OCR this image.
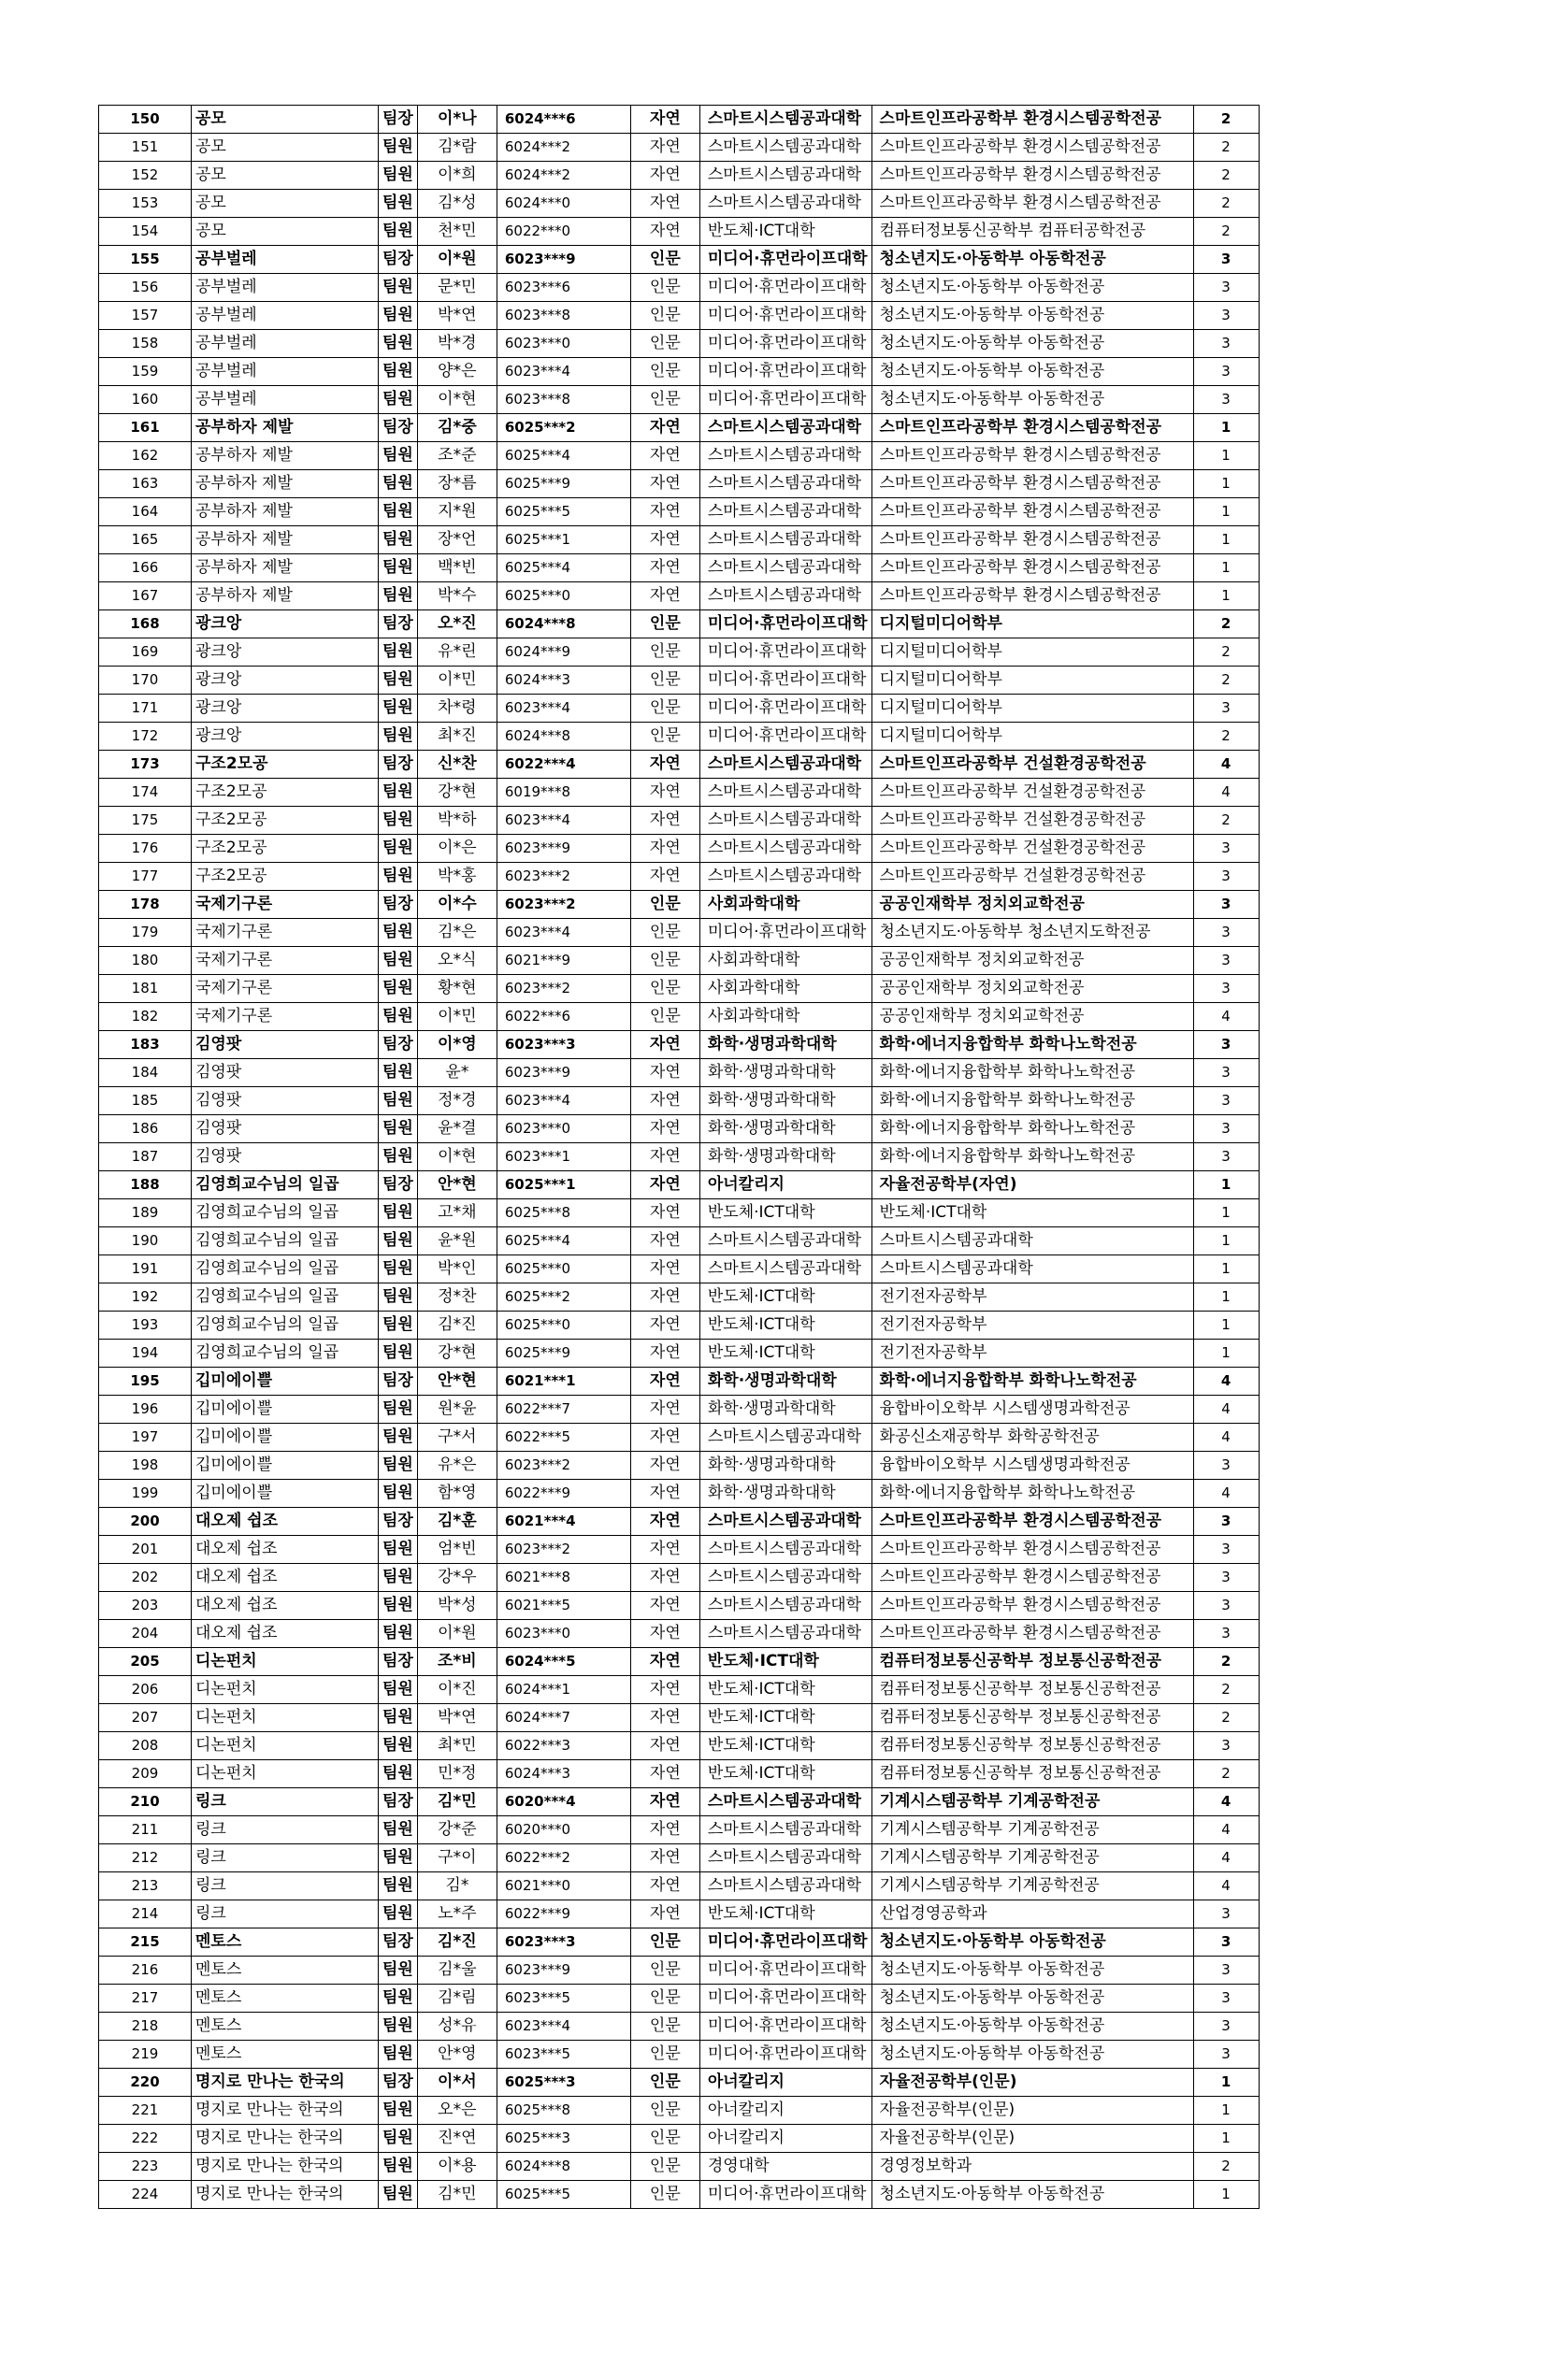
150	공모	팀장	이*나	6024***6	자연	스마트시스템공과대학	스마트인프라공학부 환경시스템공학전공	2
151	공모	팀원	김*람	6024***2	자연	스마트시스템공과대학	스마트인프라공학부 환경시스템공학전공	2
152	공모	팀원	이*희	6024***2	자연	스마트시스템공과대학	스마트인프라공학부 환경시스템공학전공	2
153	공모	팀원	김*성	6024***0	자연	스마트시스템공과대학	스마트인프라공학부 환경시스템공학전공	2
154	공모	팀원	천*민	6022***0	자연	반도체·ICT대학	컴퓨터정보통신공학부 컴퓨터공학전공	2
155	공부벌레	팀장	이*원	6023***9	인문	미디어·휴먼라이프대학	청소년지도·아동학부 아동학전공	3
156	공부벌레	팀원	문*민	6023***6	인문	미디어·휴먼라이프대학	청소년지도·아동학부 아동학전공	3
157	공부벌레	팀원	박*연	6023***8	인문	미디어·휴먼라이프대학	청소년지도·아동학부 아동학전공	3
158	공부벌레	팀원	박*경	6023***0	인문	미디어·휴먼라이프대학	청소년지도·아동학부 아동학전공	3
159	공부벌레	팀원	양*은	6023***4	인문	미디어·휴먼라이프대학	청소년지도·아동학부 아동학전공	3
160	공부벌레	팀원	이*현	6023***8	인문	미디어·휴먼라이프대학	청소년지도·아동학부 아동학전공	3
161	공부하자 제발	팀장	김*중	6025***2	자연	스마트시스템공과대학	스마트인프라공학부 환경시스템공학전공	1
162	공부하자 제발	팀원	조*준	6025***4	자연	스마트시스템공과대학	스마트인프라공학부 환경시스템공학전공	1
163	공부하자 제발	팀원	장*름	6025***9	자연	스마트시스템공과대학	스마트인프라공학부 환경시스템공학전공	1
164	공부하자 제발	팀원	지*원	6025***5	자연	스마트시스템공과대학	스마트인프라공학부 환경시스템공학전공	1
165	공부하자 제발	팀원	장*언	6025***1	자연	스마트시스템공과대학	스마트인프라공학부 환경시스템공학전공	1
166	공부하자 제발	팀원	백*빈	6025***4	자연	스마트시스템공과대학	스마트인프라공학부 환경시스템공학전공	1
167	공부하자 제발	팀원	박*수	6025***0	자연	스마트시스템공과대학	스마트인프라공학부 환경시스템공학전공	1
168	광크앙	팀장	오*진	6024***8	인문	미디어·휴먼라이프대학	디지털미디어학부	2
169	광크앙	팀원	유*린	6024***9	인문	미디어·휴먼라이프대학	디지털미디어학부	2
170	광크앙	팀원	이*민	6024***3	인문	미디어·휴먼라이프대학	디지털미디어학부	2
171	광크앙	팀원	차*령	6023***4	인문	미디어·휴먼라이프대학	디지털미디어학부	3
172	광크앙	팀원	최*진	6024***8	인문	미디어·휴먼라이프대학	디지털미디어학부	2
173	구조2모공	팀장	신*찬	6022***4	자연	스마트시스템공과대학	스마트인프라공학부 건설환경공학전공	4
174	구조2모공	팀원	강*현	6019***8	자연	스마트시스템공과대학	스마트인프라공학부 건설환경공학전공	4
175	구조2모공	팀원	박*하	6023***4	자연	스마트시스템공과대학	스마트인프라공학부 건설환경공학전공	2
176	구조2모공	팀원	이*은	6023***9	자연	스마트시스템공과대학	스마트인프라공학부 건설환경공학전공	3
177	구조2모공	팀원	박*홍	6023***2	자연	스마트시스템공과대학	스마트인프라공학부 건설환경공학전공	3
178	국제기구론	팀장	이*수	6023***2	인문	사회과학대학	공공인재학부 정치외교학전공	3
179	국제기구론	팀원	김*은	6023***4	인문	미디어·휴먼라이프대학	청소년지도·아동학부 청소년지도학전공	3
180	국제기구론	팀원	오*식	6021***9	인문	사회과학대학	공공인재학부 정치외교학전공	3
181	국제기구론	팀원	황*현	6023***2	인문	사회과학대학	공공인재학부 정치외교학전공	3
182	국제기구론	팀원	이*민	6022***6	인문	사회과학대학	공공인재학부 정치외교학전공	4
183	김영팟	팀장	이*영	6023***3	자연	화학·생명과학대학	화학·에너지융합학부 화학나노학전공	3
184	김영팟	팀원	윤*	6023***9	자연	화학·생명과학대학	화학·에너지융합학부 화학나노학전공	3
185	김영팟	팀원	정*경	6023***4	자연	화학·생명과학대학	화학·에너지융합학부 화학나노학전공	3
186	김영팟	팀원	윤*결	6023***0	자연	화학·생명과학대학	화학·에너지융합학부 화학나노학전공	3
187	김영팟	팀원	이*현	6023***1	자연	화학·생명과학대학	화학·에너지융합학부 화학나노학전공	3
188	김영희교수님의 일곱	팀장	안*현	6025***1	자연	아너칼리지	자율전공학부(자연)	1
189	김영희교수님의 일곱	팀원	고*채	6025***8	자연	반도체·ICT대학	반도체·ICT대학	1
190	김영희교수님의 일곱	팀원	윤*원	6025***4	자연	스마트시스템공과대학	스마트시스템공과대학	1
191	김영희교수님의 일곱	팀원	박*인	6025***0	자연	스마트시스템공과대학	스마트시스템공과대학	1
192	김영희교수님의 일곱	팀원	정*찬	6025***2	자연	반도체·ICT대학	전기전자공학부	1
193	김영희교수님의 일곱	팀원	김*진	6025***0	자연	반도체·ICT대학	전기전자공학부	1
194	김영희교수님의 일곱	팀원	강*현	6025***9	자연	반도체·ICT대학	전기전자공학부	1
195	깁미에이쁠	팀장	안*현	6021***1	자연	화학·생명과학대학	화학·에너지융합학부 화학나노학전공	4
196	깁미에이쁠	팀원	원*윤	6022***7	자연	화학·생명과학대학	융합바이오학부 시스템생명과학전공	4
197	깁미에이쁠	팀원	구*서	6022***5	자연	스마트시스템공과대학	화공신소재공학부 화학공학전공	4
198	깁미에이쁠	팀원	유*은	6023***2	자연	화학·생명과학대학	융합바이오학부 시스템생명과학전공	3
199	깁미에이쁠	팀원	함*영	6022***9	자연	화학·생명과학대학	화학·에너지융합학부 화학나노학전공	4
200	대오제 쉽조	팀장	김*훈	6021***4	자연	스마트시스템공과대학	스마트인프라공학부 환경시스템공학전공	3
201	대오제 쉽조	팀원	엄*빈	6023***2	자연	스마트시스템공과대학	스마트인프라공학부 환경시스템공학전공	3
202	대오제 쉽조	팀원	강*우	6021***8	자연	스마트시스템공과대학	스마트인프라공학부 환경시스템공학전공	3
203	대오제 쉽조	팀원	박*성	6021***5	자연	스마트시스템공과대학	스마트인프라공학부 환경시스템공학전공	3
204	대오제 쉽조	팀원	이*원	6023***0	자연	스마트시스템공과대학	스마트인프라공학부 환경시스템공학전공	3
205	디논펀치	팀장	조*비	6024***5	자연	반도체·ICT대학	컴퓨터정보통신공학부 정보통신공학전공	2
206	디논펀치	팀원	이*진	6024***1	자연	반도체·ICT대학	컴퓨터정보통신공학부 정보통신공학전공	2
207	디논펀치	팀원	박*연	6024***7	자연	반도체·ICT대학	컴퓨터정보통신공학부 정보통신공학전공	2
208	디논펀치	팀원	최*민	6022***3	자연	반도체·ICT대학	컴퓨터정보통신공학부 정보통신공학전공	3
209	디논펀치	팀원	민*정	6024***3	자연	반도체·ICT대학	컴퓨터정보통신공학부 정보통신공학전공	2
210	링크	팀장	김*민	6020***4	자연	스마트시스템공과대학	기계시스템공학부 기계공학전공	4
211	링크	팀원	강*준	6020***0	자연	스마트시스템공과대학	기계시스템공학부 기계공학전공	4
212	링크	팀원	구*이	6022***2	자연	스마트시스템공과대학	기계시스템공학부 기계공학전공	4
213	링크	팀원	김*	6021***0	자연	스마트시스템공과대학	기계시스템공학부 기계공학전공	4
214	링크	팀원	노*주	6022***9	자연	반도체·ICT대학	산업경영공학과	3
215	멘토스	팀장	김*진	6023***3	인문	미디어·휴먼라이프대학	청소년지도·아동학부 아동학전공	3
216	멘토스	팀원	김*울	6023***9	인문	미디어·휴먼라이프대학	청소년지도·아동학부 아동학전공	3
217	멘토스	팀원	김*림	6023***5	인문	미디어·휴먼라이프대학	청소년지도·아동학부 아동학전공	3
218	멘토스	팀원	성*유	6023***4	인문	미디어·휴먼라이프대학	청소년지도·아동학부 아동학전공	3
219	멘토스	팀원	안*영	6023***5	인문	미디어·휴먼라이프대학	청소년지도·아동학부 아동학전공	3
220	명지로 만나는 한국의	팀장	이*서	6025***3	인문	아너칼리지	자율전공학부(인문)	1
221	명지로 만나는 한국의	팀원	오*은	6025***8	인문	아너칼리지	자율전공학부(인문)	1
222	명지로 만나는 한국의	팀원	진*연	6025***3	인문	아너칼리지	자율전공학부(인문)	1
223	명지로 만나는 한국의	팀원	이*용	6024***8	인문	경영대학	경영정보학과	2
224	명지로 만나는 한국의	팀원	김*민	6025***5	인문	미디어·휴먼라이프대학	청소년지도·아동학부 아동학전공	1
